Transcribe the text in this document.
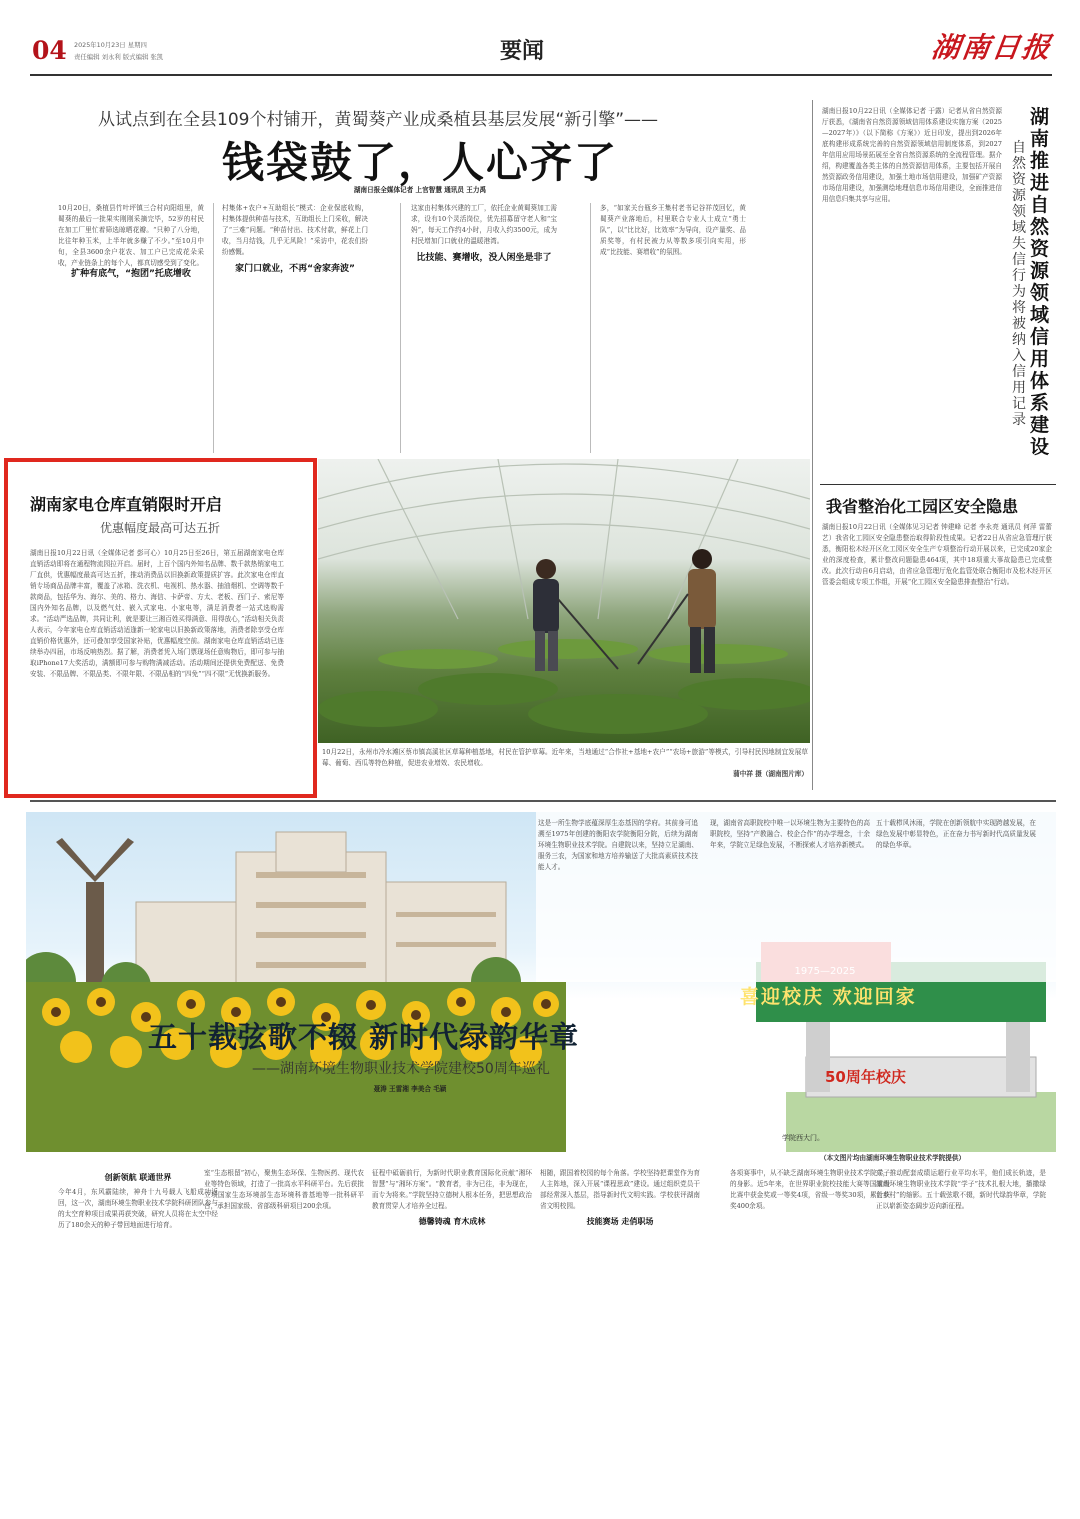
04 2025年10月23日 星期四
责任编辑 刘永利 版式编辑 张凯	要闻	湖南日报
从试点到在全县109个村铺开，黄蜀葵产业成桑植县基层发展“新引擎”——
钱袋鼓了，人心齐了
湖南日报全媒体记者 上官智慧 通讯员 王力禹

10月20日，桑植县竹叶坪镇三合村向阳组里，黄蜀葵的最后一批果实刚刚采摘完毕，52岁的村民在加工厂里忙着筛选晾晒花瓣。“只种了八分地，比往年种玉米，上半年就多赚了不少。”至10月中旬，全县3600余户花农、加工户已完成花朵采收，产业链条上的每个人，都真切感受到了变化。

扩种有底气，“抱团”托底增收

村集体+农户+互助组长”模式：企业保底收购，村集体提供种苗与技术，互助组长上门采收，解决了“三难”问题。“种苗付出、技术付款，鲜花上门收，当月结钱，几乎无风险！”采访中，花农们纷纷感慨。

家门口就业，不再“舍家奔波”

这家由村集体兴建的工厂，依托企业黄蜀葵加工需求，设有10个灵活岗位，优先招募留守老人和“宝妈”，每天工作约4小时，月收入约3500元，成为村民增加门口就业的温暖港湾。

比技能、赛增收，没人闲坐是非了

多，“如家关台瓶乡王集村老书记谷祥茂回忆，黄蜀葵产业落地后，村里联合专业人士成立“勇士队”，以“比比好，比效率”为导向，设产量奖、品质奖等，有村民被力从等数多项引向实用，形成“比技能、赛增收”的氛围。

湖南推进自然资源领域信用体系建设
自然资源领域失信行为将被纳入信用记录
湖南日报10月22日讯（全媒体记者 于露）记者从省自然资源厅获悉，《湖南省自然资源领域信用体系建设实施方案（2025—2027年）》（以下简称《方案》）近日印发，提出到2026年底构建形成系统完善的自然资源领域信用制度体系，到2027年信用应用场景拓展至全省自然资源系统的全流程管理。据介绍，构建覆盖各类主体的自然资源信用体系，主要包括开展自然资源政务信用建设，加强土地市场信用建设，加强矿产资源市场信用建设，加强测绘地理信息市场信用建设，全面推进信用信息归集共享与应用。
我省整治化工园区安全隐患
湖南日报10月22日讯（全媒体见习记者 钟建峰 记者 李永亮 通讯员 何萍 雷蕾艺）我省化工园区安全隐患整治取得阶段性成果。记者22日从省应急管理厅获悉，衡阳松木经开区化工园区安全生产专项整治行动开展以来，已完成20家企业的深度检查，累计整改问题隐患464项，其中18项重大事故隐患已完成整改。此次行动自6月启动，由省应急管理厅危化监管处联合衡阳市及松木经开区管委会组成专项工作组，开展“化工园区安全隐患排查整治”行动。
湖南家电仓库直销限时开启
优惠幅度最高可达五折
湖南日报10月22日讯（全媒体记者 彭可心）10月25日至26日，第五届湖南家电仓库直销活动即将在通程物流园拉开启。届时，上百个国内外知名品牌、数千款热销家电工厂直供，优惠幅度最高可达五折，推动消费品以旧换新政策提质扩容。此次家电仓库直销专场商品品牌丰富，覆盖了冰箱、洗衣机、电视机、热水器、抽油烟机、空调等数千款商品，包括华为、海尔、美的、格力、海信、卡萨帝、方太、老板、西门子、索尼等国内外知名品牌，以及燃气灶、嵌入式家电、小家电等，满足消费者一站式选购需求。“活动严选品牌，共同让利，就是要让三湘百姓买得满意、用得放心，”活动相关负责人表示，今年家电仓库直销活动适逢新一轮家电以旧换新政策落地，消费者除享受仓库直销价格优惠外，还可叠加享受国家补贴，优惠幅度空前。湖南家电仓库直销活动已连续举办四届，市场反响热烈。据了解，消费者凭入场门票现场任意购物后，即可参与抽取iPhone17大奖活动，满额即可参与购物满减活动。活动期间还提供免费配送、免费安装、不限品牌、不限品类、不限年限、不限品相的“四免”“四不限”无忧换新服务。

10月22日，永州市冷水滩区蔡市镇高溪社区草莓种植基地，村民在管护草莓。近年来，当地通过“合作社+基地+农户”“农场+旅游”等模式，引导村民因地制宜发展草莓、葡萄、西瓜等特色种植，促进农业增效、农民增收。

蒲中祥 摄（湖南图片库）

喜迎校庆 欢迎回家
50周年校庆
这是一所生物学底蕴深厚生态基因的学府。其前身可追溯至1975年创建的衡阳农学院衡阳分院，后续为湖南环境生物职业技术学院。自建院以来，坚持立足湖南、服务三农，为国家和地方培养输送了大批高素质技术技能人才。
现，湖南省高职院校中唯一以环境生物为主要特色的高职院校，坚持“产教融合、校企合作”的办学理念，十余年来，学院立足绿色发展，不断探索人才培养新模式。
五十载栉风沐雨，学院在创新领航中实现跨越发展，在绿色发展中彰显特色，正在奋力书写新时代高质量发展的绿色华章。
五十载弦歌不辍 新时代绿韵华章
——湖南环境生物职业技术学院建校50周年巡礼
聂涛 王雷湘 李美合 毛颖
学院西大门。
（本文图片均由湖南环境生物职业技术学院提供）

创新领航 联通世界

今年4月，东风霸陆续，神舟十九号载人飞船成功返回，这一次，湖南环境生物职业技术学院科研团队参与的太空育种项目成果再获突破，研究人员将在太空中经历了180余天的种子带回地面进行培育。

室“生态根留”初心，聚焦生态环保、生物医药、现代农业等特色领域，打造了一批高水平科研平台。先后获批立项国家生态环境部生态环境科普基地等一批科研平台，承担国家级、省部级科研项目200余项。

征程中砥砺前行，为新时代职业教育国际化贡献“湘环智慧”与“湘环方案”。“教育者，非为已往，非为现在，而专为将来。”学院坚持立德树人根本任务，把思想政治教育贯穿人才培养全过程。

德馨铸魂 育木成林

相随，跟国着校园的每个角落。学校坚持把课堂作为育人主阵地，深入开展“课程思政”建设。通过组织党员干部经常深入基层，指导新时代文明实践。学校获评湖南省文明校园。

技能赛场 走俏职场

各项赛事中，从不缺乏湖南环境生物职业技术学院学子的身影。近5年来，在世界职业院校技能大赛等国家级比赛中获金奖或一等奖4项，省级一等奖30项，累计获奖400余项。

式，推动配套成绩运超行业平均水平，他们成长轨迹，是湖南环境生物职业技术学院“学子”技术扎根大地，播撒绿色乡村”的缩影。五十载弦歌不辍，新时代绿韵华章，学院正以崭新姿态阔步迈向新征程。
